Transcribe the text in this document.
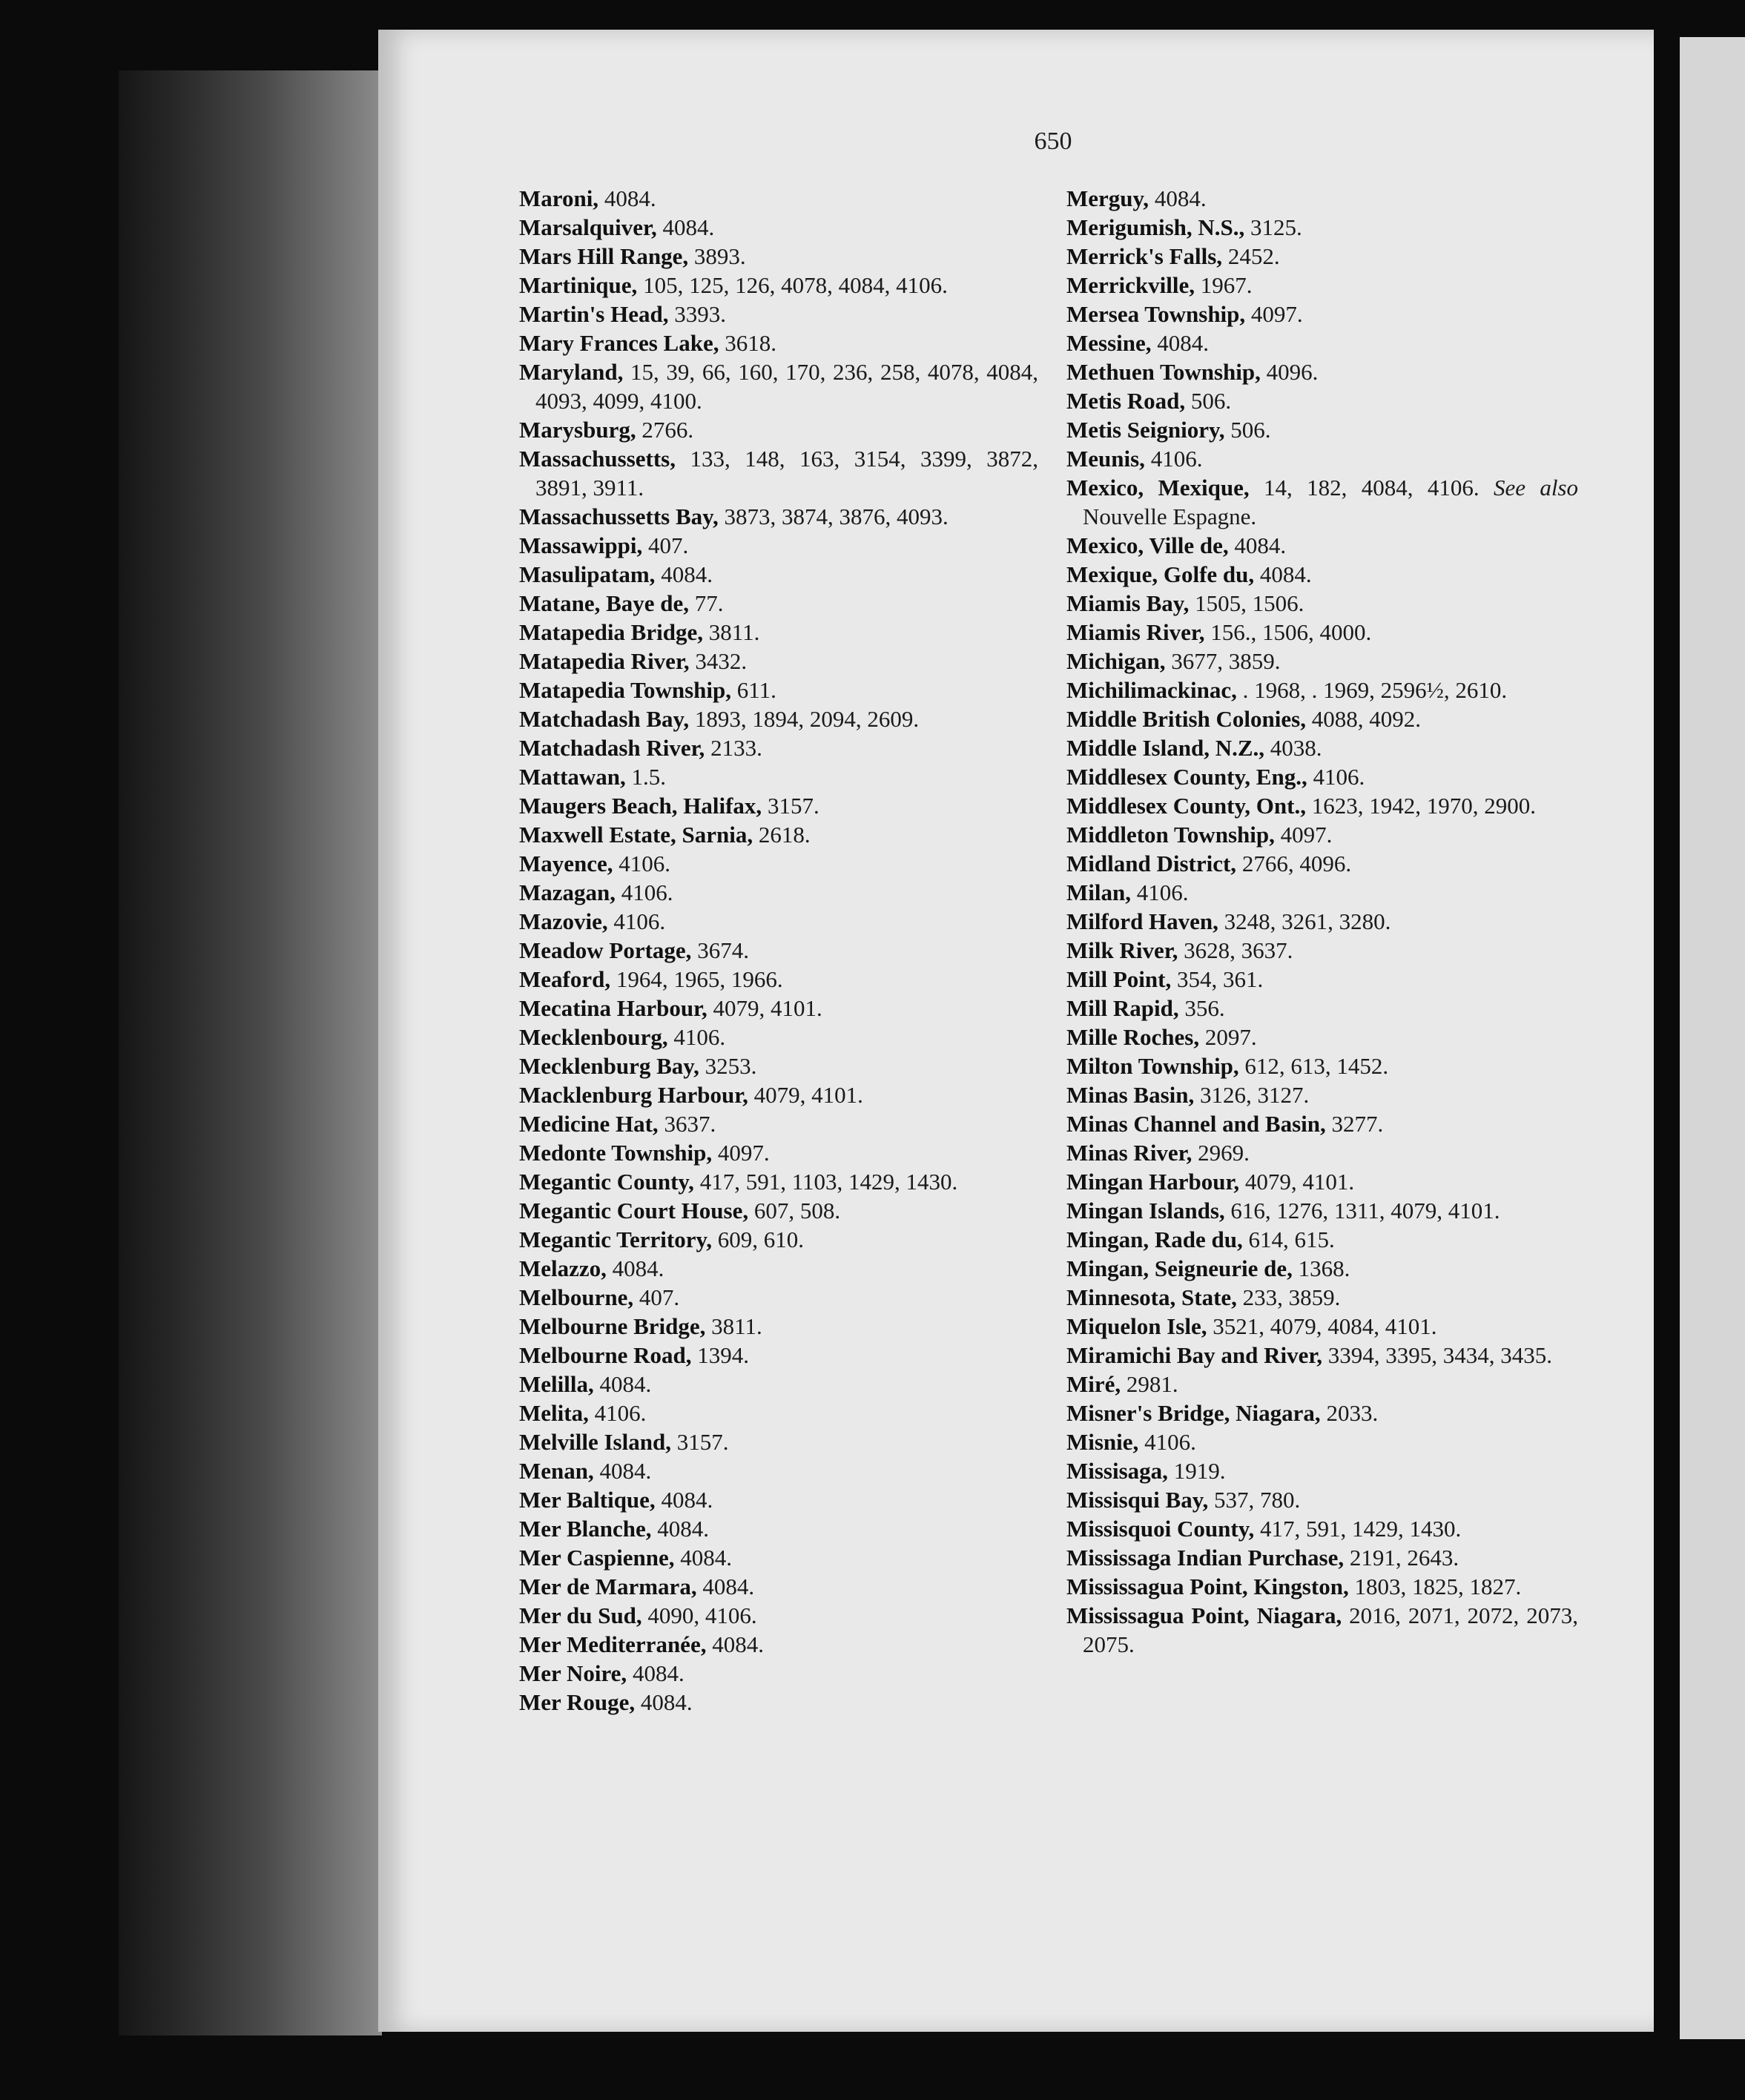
650
Maroni, 4084.
Marsalquiver, 4084.
Mars Hill Range, 3893.
Martinique, 105, 125, 126, 4078, 4084, 4106.
Martin's Head, 3393.
Mary Frances Lake, 3618.
Maryland, 15, 39, 66, 160, 170, 236, 258, 4078, 4084, 4093, 4099, 4100.
Marysburg, 2766.
Massachussetts, 133, 148, 163, 3154, 3399, 3872, 3891, 3911.
Massachussetts Bay, 3873, 3874, 3876, 4093.
Massawippi, 407.
Masulipatam, 4084.
Matane, Baye de, 77.
Matapedia Bridge, 3811.
Matapedia River, 3432.
Matapedia Township, 611.
Matchadash Bay, 1893, 1894, 2094, 2609.
Matchadash River, 2133.
Mattawan, 1.5.
Maugers Beach, Halifax, 3157.
Maxwell Estate, Sarnia, 2618.
Mayence, 4106.
Mazagan, 4106.
Mazovie, 4106.
Meadow Portage, 3674.
Meaford, 1964, 1965, 1966.
Mecatina Harbour, 4079, 4101.
Mecklenbourg, 4106.
Mecklenburg Bay, 3253.
Macklenburg Harbour, 4079, 4101.
Medicine Hat, 3637.
Medonte Township, 4097.
Megantic County, 417, 591, 1103, 1429, 1430.
Megantic Court House, 607, 508.
Megantic Territory, 609, 610.
Melazzo, 4084.
Melbourne, 407.
Melbourne Bridge, 3811.
Melbourne Road, 1394.
Melilla, 4084.
Melita, 4106.
Melville Island, 3157.
Menan, 4084.
Mer Baltique, 4084.
Mer Blanche, 4084.
Mer Caspienne, 4084.
Mer de Marmara, 4084.
Mer du Sud, 4090, 4106.
Mer Mediterranée, 4084.
Mer Noire, 4084.
Mer Rouge, 4084.
Merguy, 4084.
Merigumish, N.S., 3125.
Merrick's Falls, 2452.
Merrickville, 1967.
Mersea Township, 4097.
Messine, 4084.
Methuen Township, 4096.
Metis Road, 506.
Metis Seigniory, 506.
Meunis, 4106.
Mexico, Mexique, 14, 182, 4084, 4106. See also Nouvelle Espagne.
Mexico, Ville de, 4084.
Mexique, Golfe du, 4084.
Miamis Bay, 1505, 1506.
Miamis River, 156., 1506, 4000.
Michigan, 3677, 3859.
Michilimackinac, . 1968, . 1969, 2596½, 2610.
Middle British Colonies, 4088, 4092.
Middle Island, N.Z., 4038.
Middlesex County, Eng., 4106.
Middlesex County, Ont., 1623, 1942, 1970, 2900.
Middleton Township, 4097.
Midland District, 2766, 4096.
Milan, 4106.
Milford Haven, 3248, 3261, 3280.
Milk River, 3628, 3637.
Mill Point, 354, 361.
Mill Rapid, 356.
Mille Roches, 2097.
Milton Township, 612, 613, 1452.
Minas Basin, 3126, 3127.
Minas Channel and Basin, 3277.
Minas River, 2969.
Mingan Harbour, 4079, 4101.
Mingan Islands, 616, 1276, 1311, 4079, 4101.
Mingan, Rade du, 614, 615.
Mingan, Seigneurie de, 1368.
Minnesota, State, 233, 3859.
Miquelon Isle, 3521, 4079, 4084, 4101.
Miramichi Bay and River, 3394, 3395, 3434, 3435.
Miré, 2981.
Misner's Bridge, Niagara, 2033.
Misnie, 4106.
Missisaga, 1919.
Missisqui Bay, 537, 780.
Missisquoi County, 417, 591, 1429, 1430.
Mississaga Indian Purchase, 2191, 2643.
Mississagua Point, Kingston, 1803, 1825, 1827.
Mississagua Point, Niagara, 2016, 2071, 2072, 2073, 2075.
